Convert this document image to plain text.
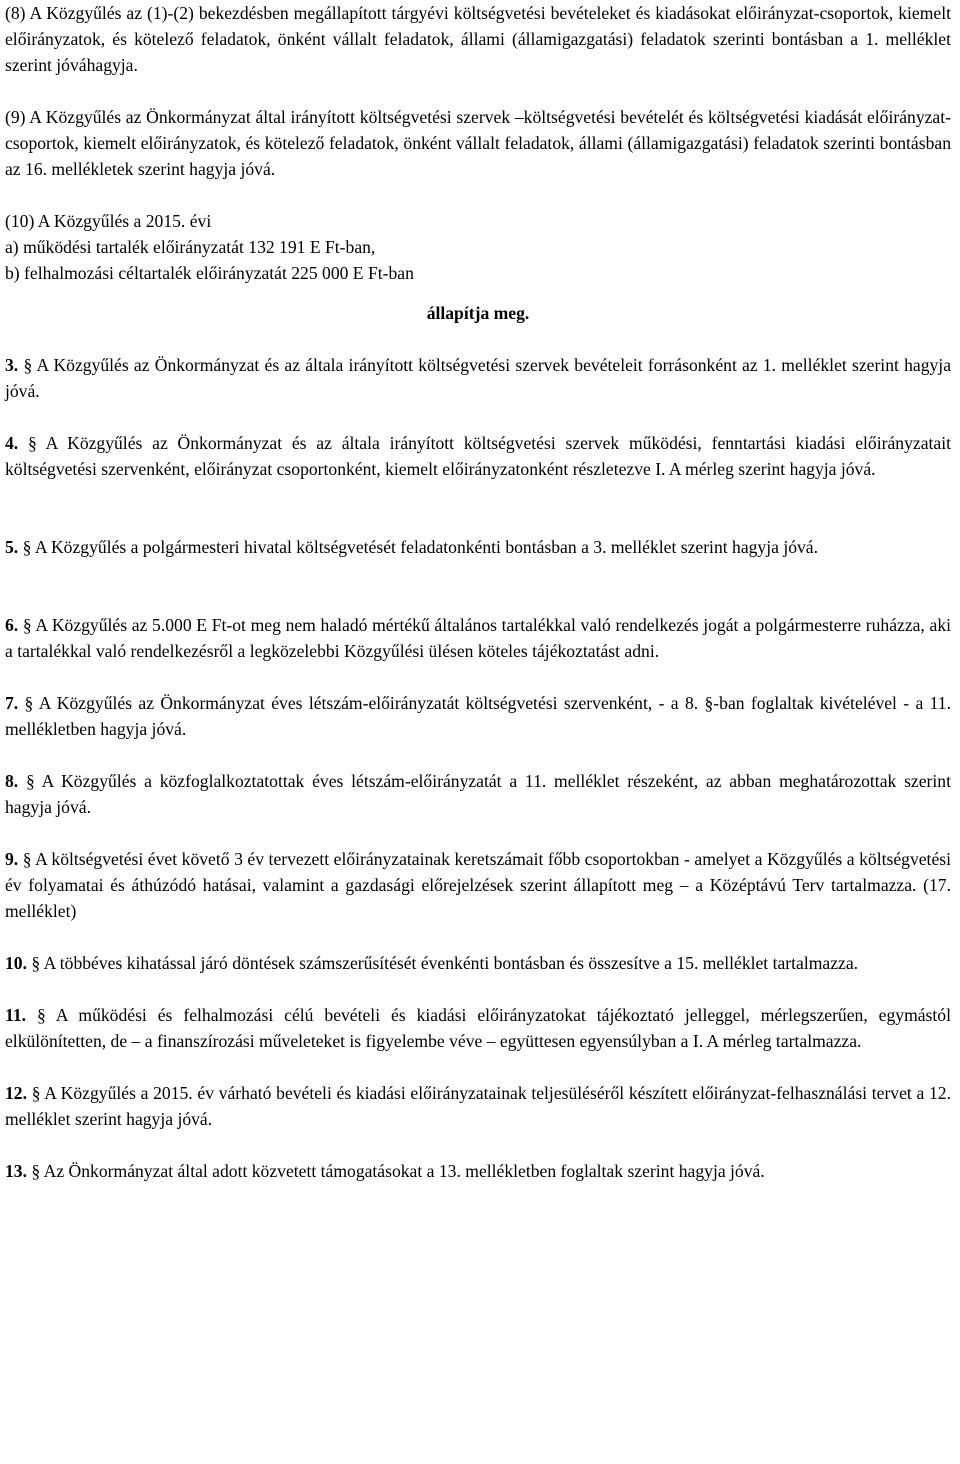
(8) A Közgyűlés az (1)-(2) bekezdésben megállapított tárgyévi költségvetési bevételeket és kiadásokat előirányzat-csoportok, kiemelt előirányzatok, és kötelező feladatok, önként vállalt feladatok, állami (államigazgatási) feladatok szerinti bontásban a 1. melléklet szerint jóváhagyja.

(9) A Közgyűlés az Önkormányzat által irányított költségvetési szervek –költségvetési bevételét és költségvetési kiadását előirányzat-csoportok, kiemelt előirányzatok, és kötelező feladatok, önként vállalt feladatok, állami (államigazgatási) feladatok szerinti bontásban az 16. mellékletek szerint hagyja jóvá.

(10) A Közgyűlés a 2015. évi

a) működési tartalék előirányzatát 132 191 E Ft-ban,

b) felhalmozási céltartalék előirányzatát 225 000 E Ft-ban

állapítja meg.

3. § A Közgyűlés az Önkormányzat és az általa irányított költségvetési szervek bevételeit forrásonként az 1. melléklet szerint hagyja jóvá.

4. § A Közgyűlés az Önkormányzat és az általa irányított költségvetési szervek működési, fenntartási kiadási előirányzatait költségvetési szervenként, előirányzat csoportonként, kiemelt előirányzatonként részletezve I. A mérleg szerint hagyja jóvá.

5. § A Közgyűlés a polgármesteri hivatal költségvetését feladatonkénti bontásban a 3. melléklet szerint hagyja jóvá.

6. § A Közgyűlés az 5.000 E Ft-ot meg nem haladó mértékű általános tartalékkal való rendelkezés jogát a polgármesterre ruházza, aki a tartalékkal való rendelkezésről a legközelebbi Közgyűlési ülésen köteles tájékoztatást adni.

7. § A Közgyűlés az Önkormányzat éves létszám-előirányzatát költségvetési szervenként, - a 8. §-ban foglaltak kivételével - a 11. mellékletben hagyja jóvá.

8. § A Közgyűlés a közfoglalkoztatottak éves létszám-előirányzatát a 11. melléklet részeként, az abban meghatározottak szerint hagyja jóvá.

9. § A költségvetési évet követő 3 év tervezett előirányzatainak keretszámait főbb csoportokban - amelyet a Közgyűlés a költségvetési év folyamatai és áthúzódó hatásai, valamint a gazdasági előrejelzések szerint állapított meg – a Középtávú Terv tartalmazza. (17. melléklet)

10. § A többéves kihatással járó döntések számszerűsítését évenkénti bontásban és összesítve a 15. melléklet tartalmazza.

11. § A működési és felhalmozási célú bevételi és kiadási előirányzatokat tájékoztató jelleggel, mérlegszerűen, egymástól elkülönítetten, de – a finanszírozási műveleteket is figyelembe véve – együttesen egyensúlyban a I. A mérleg tartalmazza.

12. § A Közgyűlés a 2015. év várható bevételi és kiadási előirányzatainak teljesüléséről készített előirányzat-felhasználási tervet a 12. melléklet szerint hagyja jóvá.

13. § Az Önkormányzat által adott közvetett támogatásokat a 13. mellékletben foglaltak szerint hagyja jóvá.
